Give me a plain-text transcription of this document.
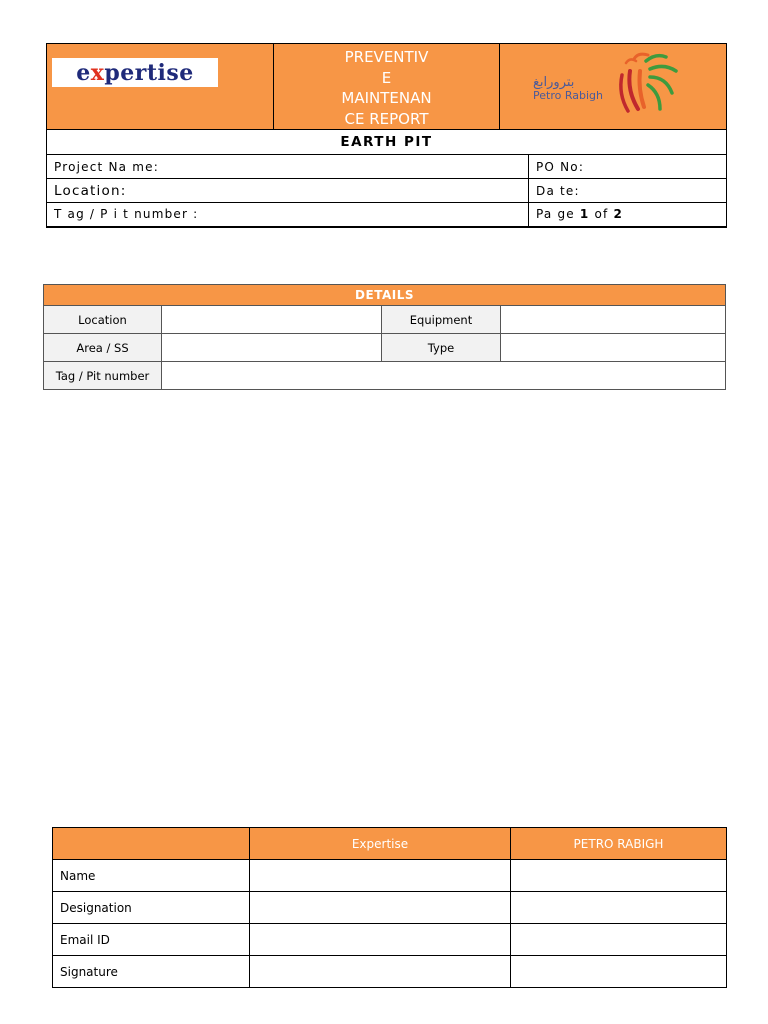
e x pertise

PREVENTIV
E
MAINTENAN
CE REPORT

بترورابغ
Petro Rabigh

EARTH PIT
Project Na me:	PO No:
Location:	Da te:
T ag / P i t number :	Pa ge 1 of 2
DETAILS			
Location		Equipment	
Area / SS		Type	
Tag / Pit number			
	Expertise	PETRO RABIGH
Name		
Designation		
Email ID		
Signature		
